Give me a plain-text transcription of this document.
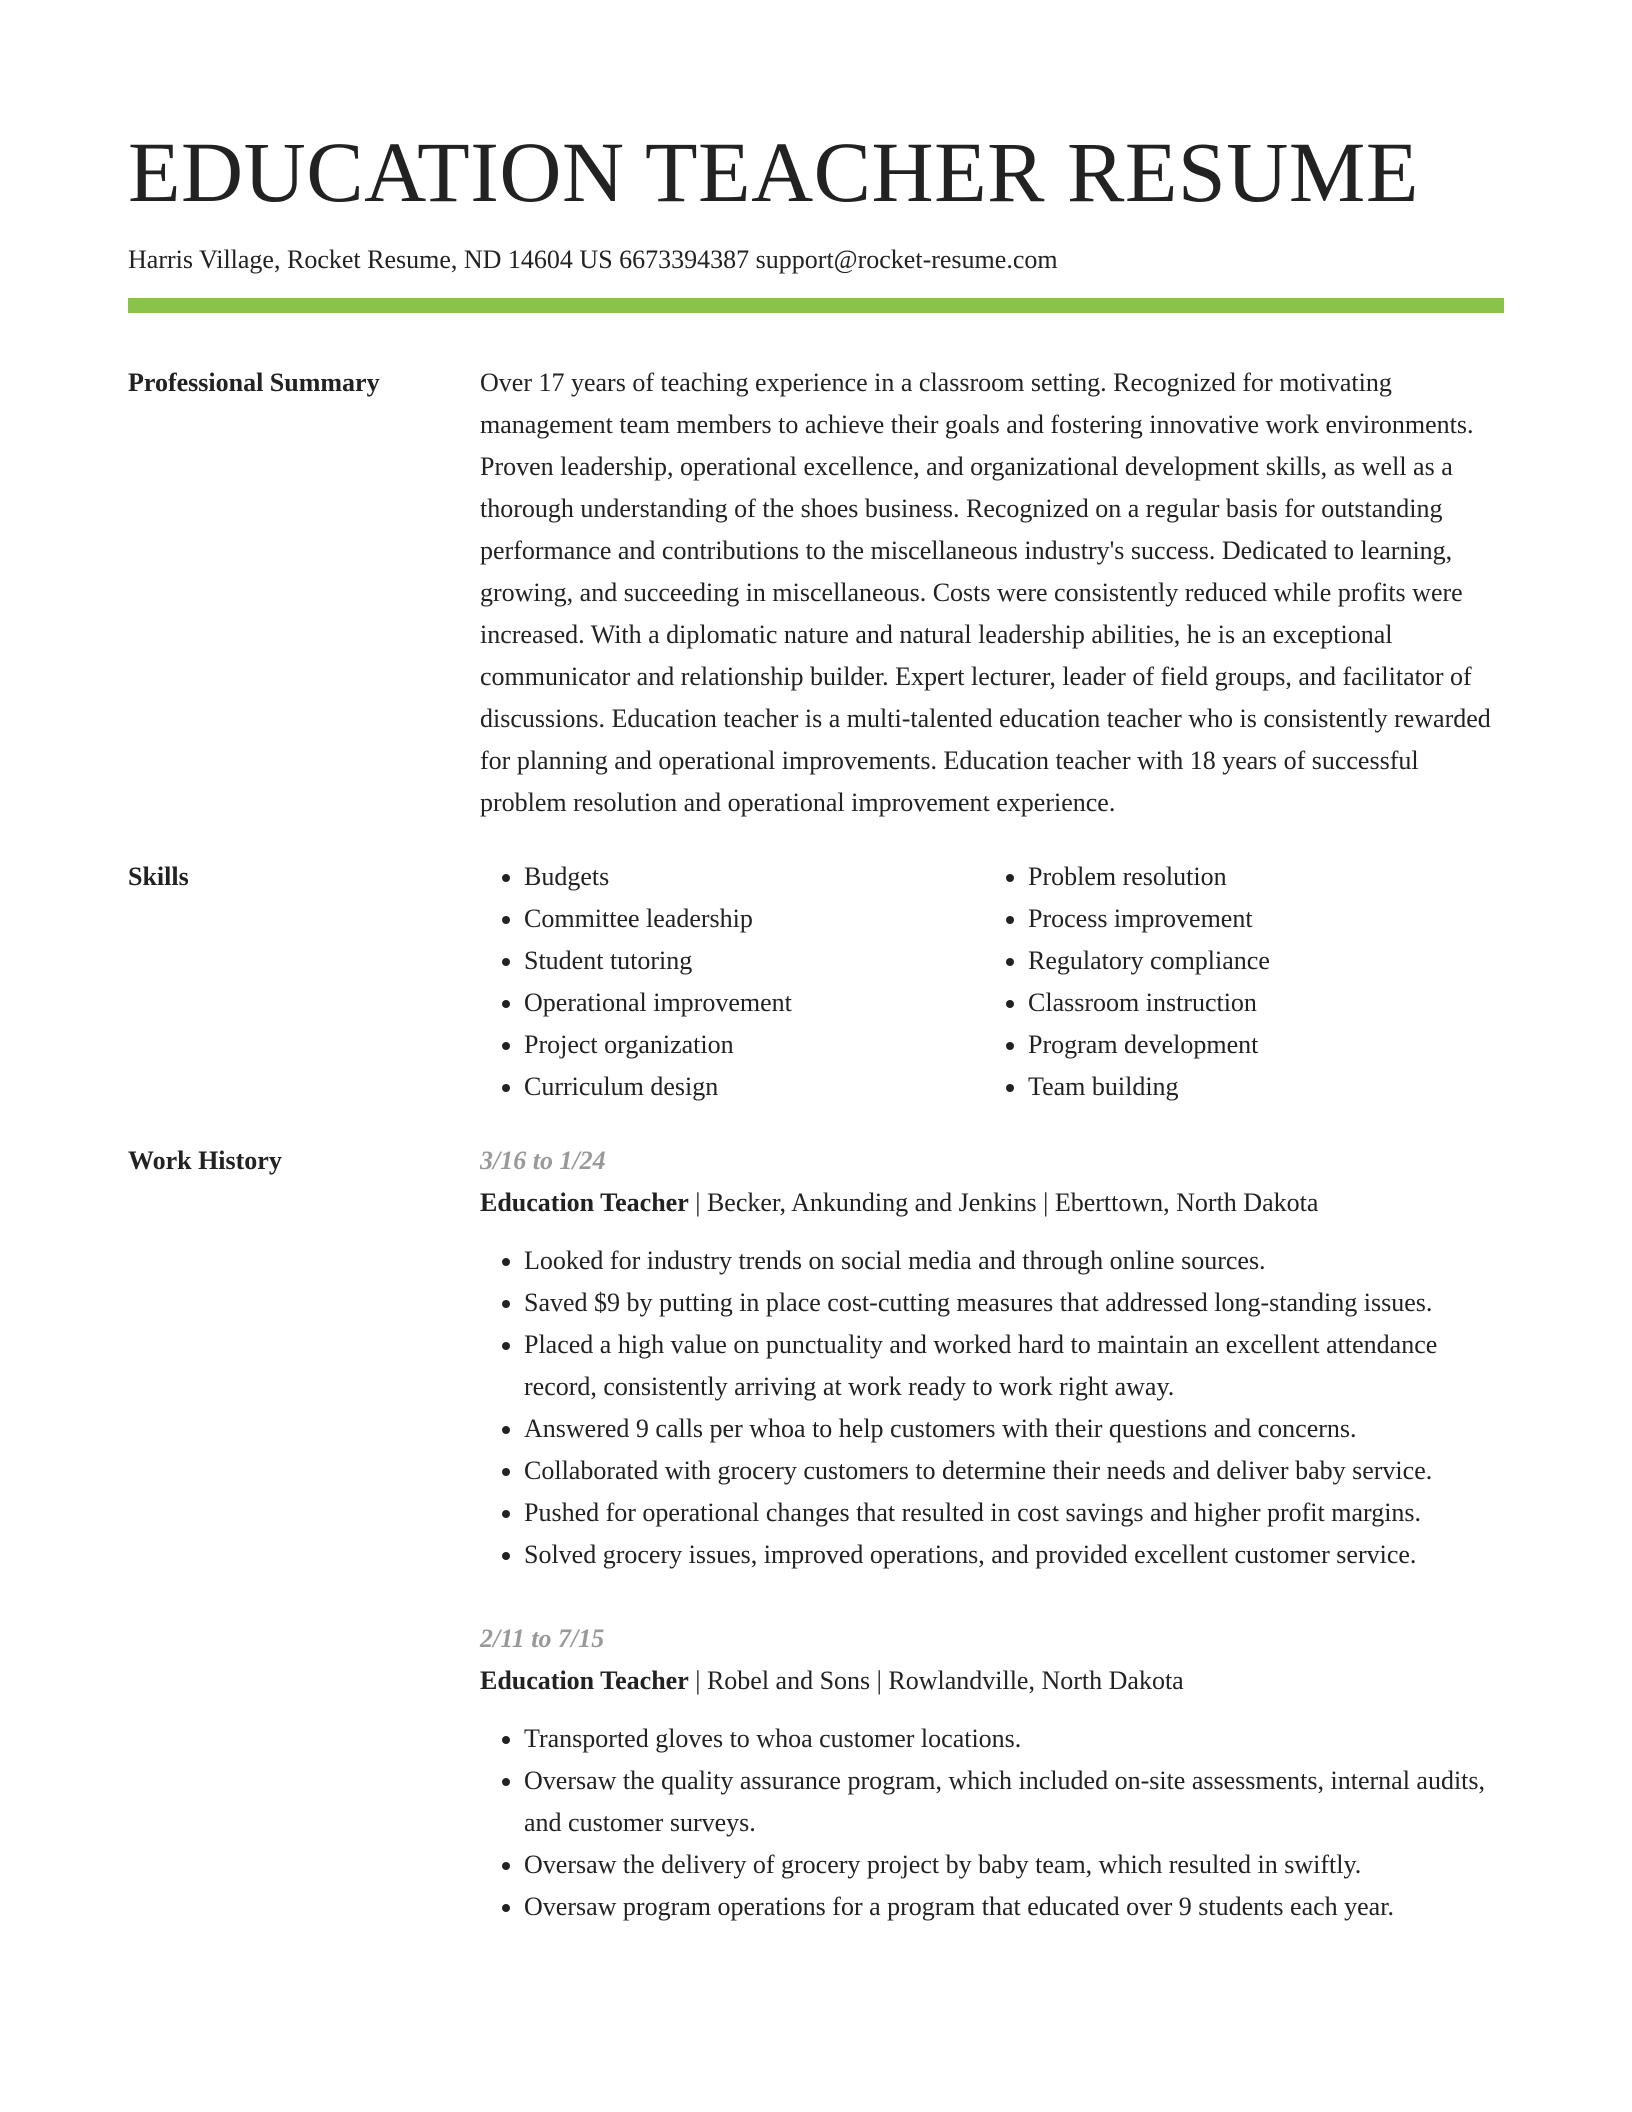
EDUCATION TEACHER RESUME
Harris Village, Rocket Resume, ND 14604 US 6673394387 support@rocket-resume.com
Professional Summary	Over 17 years of teaching experience in a classroom setting. Recognized for motivating management team members to achieve their goals and fostering innovative work environments. Proven leadership, operational excellence, and organizational development skills, as well as a thorough understanding of the shoes business. Recognized on a regular basis for outstanding performance and contributions to the miscellaneous industry's success. Dedicated to learning, growing, and succeeding in miscellaneous. Costs were consistently reduced while profits were increased. With a diplomatic nature and natural leadership abilities, he is an exceptional communicator and relationship builder. Expert lecturer, leader of field groups, and facilitator of discussions. Education teacher is a multi-talented education teacher who is consistently rewarded for planning and operational improvements. Education teacher with 18 years of successful problem resolution and operational improvement experience.

Skills
•	Budgets
• Committee leadership
• Student tutoring
• Operational improvement
• Project organization
• Curriculum design
• Problem resolution
• Process improvement
• Regulatory compliance
• Classroom instruction
• Program development
• Team building
Work History	3/16 to 1/24
Education Teacher | Becker, Ankunding and Jenkins | Eberttown, North Dakota
• Looked for industry trends on social media and through online sources.
• Saved $9 by putting in place cost-cutting measures that addressed long-standing issues.
• Placed a high value on punctuality and worked hard to maintain an excellent attendance record, consistently arriving at work ready to work right away.
• Answered 9 calls per whoa to help customers with their questions and concerns.
• Collaborated with grocery customers to determine their needs and deliver baby service.
• Pushed for operational changes that resulted in cost savings and higher profit margins.
• Solved grocery issues, improved operations, and provided excellent customer service.
2/11 to 7/15
Education Teacher | Robel and Sons | Rowlandville, North Dakota
• Transported gloves to whoa customer locations.
• Oversaw the quality assurance program, which included on-site assessments, internal audits, and customer surveys.
• Oversaw the delivery of grocery project by baby team, which resulted in swiftly.
• Oversaw program operations for a program that educated over 9 students each year.
